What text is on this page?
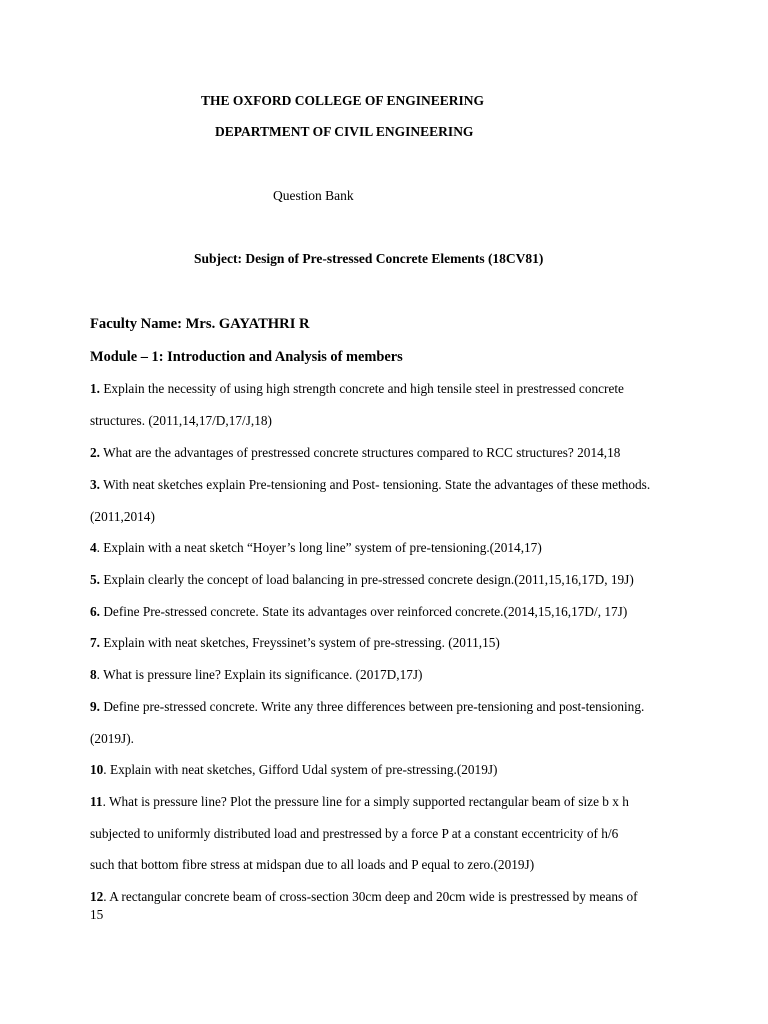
THE OXFORD COLLEGE OF ENGINEERING
DEPARTMENT OF CIVIL ENGINEERING
Question Bank
Subject: Design of Pre-stressed Concrete Elements (18CV81)
Faculty Name: Mrs. GAYATHRI R
Module – 1: Introduction and Analysis of members
1. Explain the necessity of using high strength concrete and high tensile steel in prestressed concrete
structures. (2011,14,17/D,17/J,18)
2. What are the advantages of prestressed concrete structures compared to RCC structures? 2014,18
3. With neat sketches explain Pre-tensioning and Post- tensioning. State the advantages of these methods.
(2011,2014)
4. Explain with a neat sketch “Hoyer’s long line” system of pre-tensioning.(2014,17)
5. Explain clearly the concept of load balancing in pre-stressed concrete design.(2011,15,16,17D, 19J)
6. Define Pre-stressed concrete. State its advantages over reinforced concrete.(2014,15,16,17D/, 17J)
7. Explain with neat sketches, Freyssinet’s system of pre-stressing. (2011,15)
8. What is pressure line? Explain its significance. (2017D,17J)
9. Define pre-stressed concrete. Write any three differences between pre-tensioning and post-tensioning.
(2019J).
10. Explain with neat sketches, Gifford Udal system of pre-stressing.(2019J)
11. What is pressure line? Plot the pressure line for a simply supported rectangular beam of size b x h
subjected to uniformly distributed load and prestressed by a force P at a constant eccentricity of h/6
such that bottom fibre stress at midspan due to all loads and P equal to zero.(2019J)
12. A rectangular concrete beam of cross-section 30cm deep and 20cm wide is prestressed by means of
15
